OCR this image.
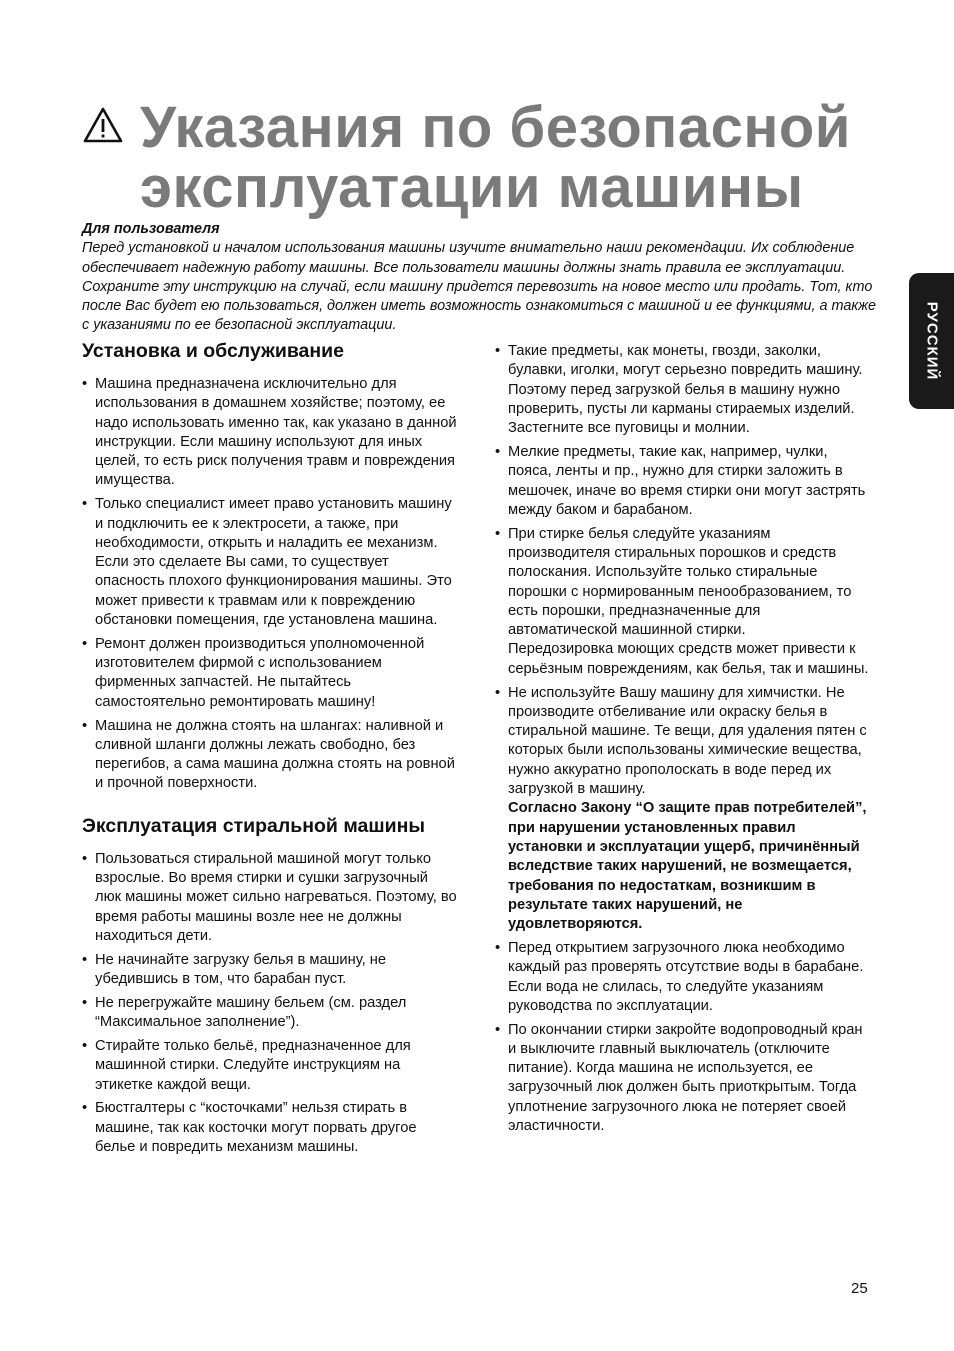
Указания по безопасной
эксплуатации машины

Для пользователя

Перед установкой и началом использования машины изучите внимательно наши рекомендации. Их соблюдение обеспечивает надежную работу машины. Все пользователи машины должны знать правила ее эксплуатации. Сохраните эту инструкцию на случай, если машину придется перевозить на новое место или продать. Тот, кто после Вас будет ею пользоваться, должен иметь возможность ознакомиться с машиной и ее функциями, а также с указаниями по ее безопасной эксплуатации.	РУССКИЙ
Установка и обслуживание
• Машина предназначена исключительно для использования в домашнем хозяйстве; поэтому, ее надо использовать именно так, как указано в данной инструкции. Если машину используют для иных целей, то есть риск получения травм и повреждения имущества.
• Только специалист имеет право установить машину и подключить ее к электросети, а также, при необходимости, открыть и наладить ее механизм.
Если это сделаете Вы сами, то существует опасность плохого функционирования машины. Это может привести к травмам или к повреждению обстановки помещения, где установлена машина.
• Ремонт должен производиться уполномоченной изготовителем фирмой с использованием фирменных запчастей. Не пытайтесь самостоятельно ремонтировать машину!
• Машина не должна стоять на шлангах: наливной и сливной шланги должны лежать свободно, без перегибов, а сама машина должна стоять на ровной и прочной поверхности.
Эксплуатация стиральной машины
• Пользоваться стиральной машиной могут только взрослые. Во время стирки и сушки загрузочный люк машины может сильно нагреваться. Поэтому, во время работы машины возле нее не должны находиться дети.
• Не начинайте загрузку белья в машину, не убедившись в том, что барабан пуст.
• Не перегружайте машину бельем (см. раздел “Максимальное заполнение”).
• Стирайте только бельё, предназначенное для машинной стирки. Следуйте инструкциям на этикетке каждой вещи.
• Бюстгалтеры с “косточками” нельзя стирать в машине, так как косточки могут порвать другое белье и повредить механизм машины.
• Такие предметы, как монеты, гвозди, заколки, булавки, иголки, могут серьезно повредить машину. Поэтому перед загрузкой белья в машину нужно проверить, пусты ли карманы стираемых изделий. Застегните все пуговицы и молнии.
• Мелкие предметы, такие как, например, чулки, пояса, ленты и пр., нужно для стирки заложить в мешочек, иначе во время стирки они могут застрять между баком и барабаном.
• При стирке белья следуйте указаниям производителя стиральных порошков и средств полоскания. Используйте только стиральные порошки с нормированным пенообразованием, то есть порошки, предназначенные для автоматической машинной стирки.
Передозировка моющих средств может привести к серьёзным повреждениям, как белья, так и машины.
• Не используйте Вашу машину для химчистки. Не производите отбеливание или окраску белья в стиральной машине. Те вещи, для удаления пятен с которых были использованы химические вещества, нужно аккуратно прополоскать в воде перед их загрузкой в машину.
Согласно Закону “О защите прав потребителей”, при нарушении установленных правил установки и эксплуатации ущерб, причинённый вследствие таких нарушений, не возмещается, требования по недостаткам, возникшим в результате таких нарушений, не удовлетворяются.
• Перед открытием загрузочного люка необходимо каждый раз проверять отсутствие воды в барабане. Если вода не слилась, то следуйте указаниям руководства по эксплуатации.
• По окончании стирки закройте водопроводный кран и выключите главный выключатель (отключите питание). Когда машина не используется, ее загрузочный люк должен быть приоткрытым. Тогда уплотнение загрузочного люка не потеряет своей эластичности.
25
